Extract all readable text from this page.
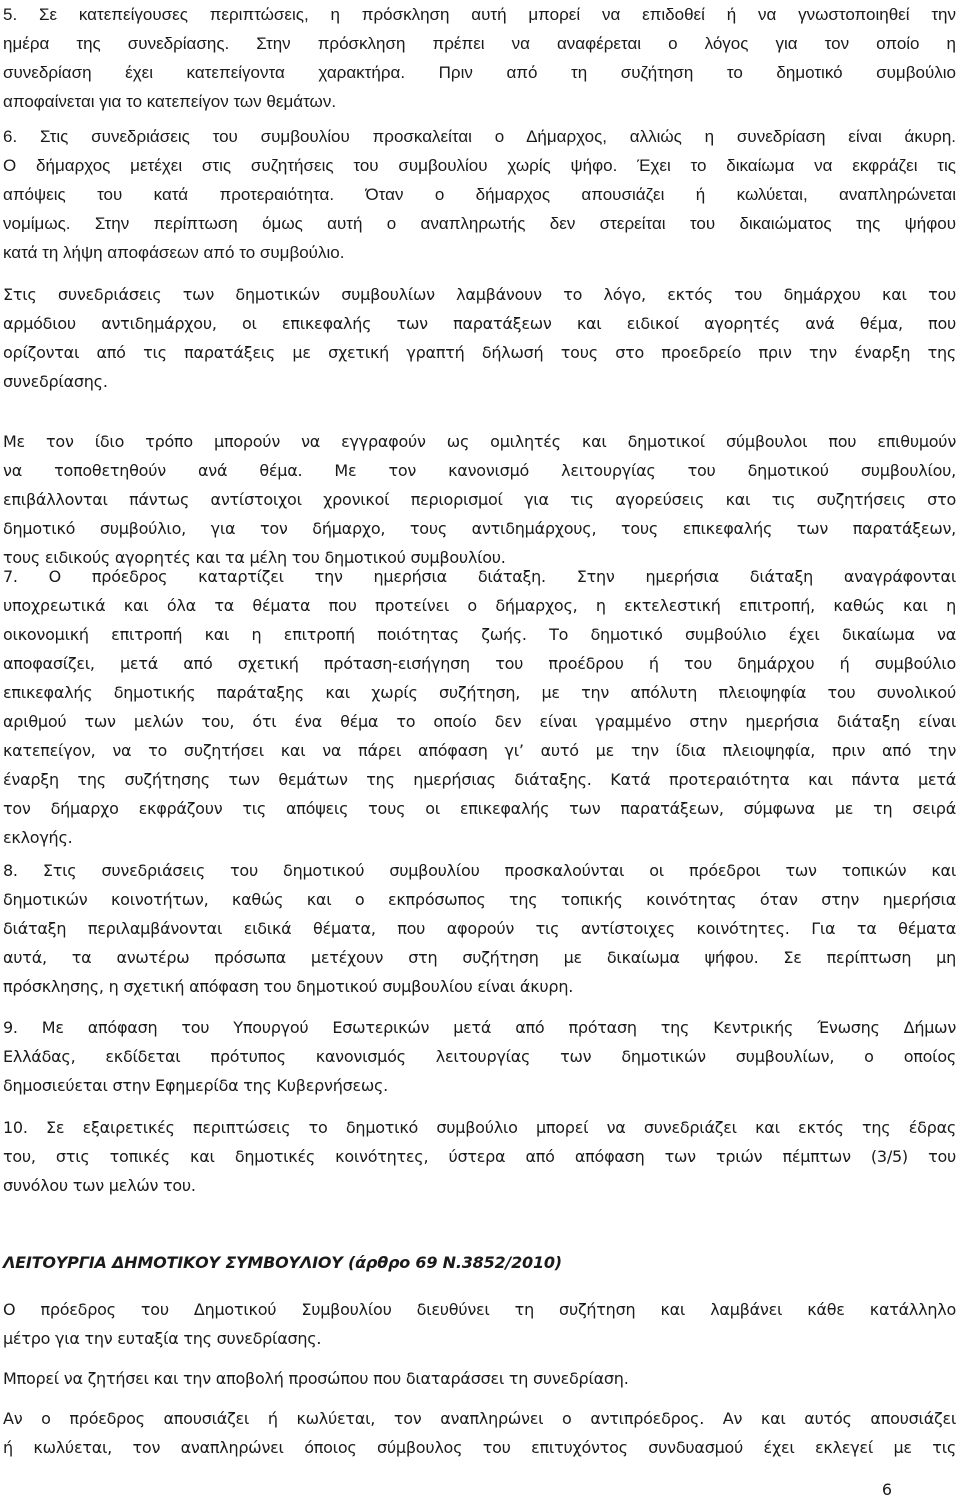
5. Σε κατεπείγουσες περιπτώσεις, η πρόσκληση αυτή μπορεί να επιδοθεί ή να γνωστοποιηθεί την
ημέρα της συνεδρίασης. Στην πρόσκληση πρέπει να αναφέρεται ο λόγος για τον οποίο η
συνεδρίαση έχει κατεπείγοντα χαρακτήρα. Πριν από τη συζήτηση το δημοτικό συμβούλιο
αποφαίνεται για το κατεπείγον των θεμάτων.
6. Στις συνεδριάσεις του συμβουλίου προσκαλείται ο Δήμαρχος, αλλιώς η συνεδρίαση είναι άκυρη.
Ο δήμαρχος μετέχει στις συζητήσεις του συμβουλίου χωρίς ψήφο. Έχει το δικαίωμα να εκφράζει τις
απόψεις του κατά προτεραιότητα. Όταν ο δήμαρχος απουσιάζει ή κωλύεται, αναπληρώνεται
νομίμως. Στην περίπτωση όμως αυτή ο αναπληρωτής δεν στερείται του δικαιώματος της ψήφου
κατά τη λήψη αποφάσεων από το συμβούλιο.
Στις συνεδριάσεις των δημοτικών συμβουλίων λαμβάνουν το λόγο, εκτός του δημάρχου και του
αρμόδιου αντιδημάρχου, οι επικεφαλής των παρατάξεων και ειδικοί αγορητές ανά θέμα, που
ορίζονται από τις παρατάξεις με σχετική γραπτή δήλωσή τους στο προεδρείο πριν την έναρξη της
συνεδρίασης.
Με τον ίδιο τρόπο μπορούν να εγγραφούν ως ομιλητές και δημοτικοί σύμβουλοι που επιθυμούν
να τοποθετηθούν ανά θέμα. Με τον κανονισμό λειτουργίας του δημοτικού συμβουλίου,
επιβάλλονται πάντως αντίστοιχοι χρονικοί περιορισμοί για τις αγορεύσεις και τις συζητήσεις στο
δημοτικό συμβούλιο, για τον δήμαρχο, τους αντιδημάρχους, τους επικεφαλής των παρατάξεων,
τους ειδικούς αγορητές και τα μέλη του δημοτικού συμβουλίου.
7. Ο πρόεδρος καταρτίζει την ημερήσια διάταξη. Στην ημερήσια διάταξη αναγράφονται
υποχρεωτικά και όλα τα θέματα που προτείνει ο δήμαρχος, η εκτελεστική επιτροπή, καθώς και η
οικονομική επιτροπή και η επιτροπή ποιότητας ζωής. Το δημοτικό συμβούλιο έχει δικαίωμα να
αποφασίζει, μετά από σχετική πρόταση-εισήγηση του προέδρου ή του δημάρχου ή συμβούλιο
επικεφαλής δημοτικής παράταξης και χωρίς συζήτηση, με την απόλυτη πλειοψηφία του συνολικού
αριθμού των μελών του, ότι ένα θέμα το οποίο δεν είναι γραμμένο στην ημερήσια διάταξη είναι
κατεπείγον, να το συζητήσει και να πάρει απόφαση γι’ αυτό με την ίδια πλειοψηφία, πριν από την
έναρξη της συζήτησης των θεμάτων της ημερήσιας διάταξης. Κατά προτεραιότητα και πάντα μετά
τον δήμαρχο εκφράζουν τις απόψεις τους οι επικεφαλής των παρατάξεων, σύμφωνα με τη σειρά
εκλογής.
8. Στις συνεδριάσεις του δημοτικού συμβουλίου προσκαλούνται οι πρόεδροι των τοπικών και
δημοτικών κοινοτήτων, καθώς και ο εκπρόσωπος της τοπικής κοινότητας όταν στην ημερήσια
διάταξη περιλαμβάνονται ειδικά θέματα, που αφορούν τις αντίστοιχες κοινότητες. Για τα θέματα
αυτά, τα ανωτέρω πρόσωπα μετέχουν στη συζήτηση με δικαίωμα ψήφου. Σε περίπτωση μη
πρόσκλησης, η σχετική απόφαση του δημοτικού συμβουλίου είναι άκυρη.
9. Με απόφαση του Υπουργού Εσωτερικών μετά από πρόταση της Κεντρικής Ένωσης Δήμων
Ελλάδας, εκδίδεται πρότυπος κανονισμός λειτουργίας των δημοτικών συμβουλίων, ο οποίος
δημοσιεύεται στην Εφημερίδα της Κυβερνήσεως.
10. Σε εξαιρετικές περιπτώσεις το δημοτικό συμβούλιο μπορεί να συνεδριάζει και εκτός της έδρας
του, στις τοπικές και δημοτικές κοινότητες, ύστερα από απόφαση των τριών πέμπτων (3/5) του
συνόλου των μελών του.
ΛΕΙΤΟΥΡΓΙΑ ΔΗΜΟΤΙΚΟΥ ΣΥΜΒΟΥΛΙΟΥ (άρθρο 69 Ν.3852/2010)
Ο πρόεδρος του Δημοτικού Συμβουλίου διευθύνει τη συζήτηση και λαμβάνει κάθε κατάλληλο
μέτρο για την ευταξία της συνεδρίασης.
Μπορεί να ζητήσει και την αποβολή προσώπου που διαταράσσει τη συνεδρίαση.
Αν ο πρόεδρος απουσιάζει ή κωλύεται, τον αναπληρώνει ο αντιπρόεδρος. Αν και αυτός απουσιάζει
ή κωλύεται, τον αναπληρώνει όποιος σύμβουλος του επιτυχόντος συνδυασμού έχει εκλεγεί με τις
6
